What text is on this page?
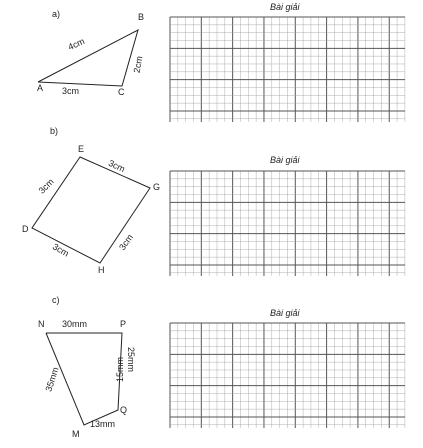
a)	B
Bài giải
4cm
2cm
A 3cm	C
b)
E
Bài giải
3cm
3cm	G
D
3cm
3cm
H
c)
Bài giải
N 30mm	P
35mm	15mm 25mm
Q
13mm
M
